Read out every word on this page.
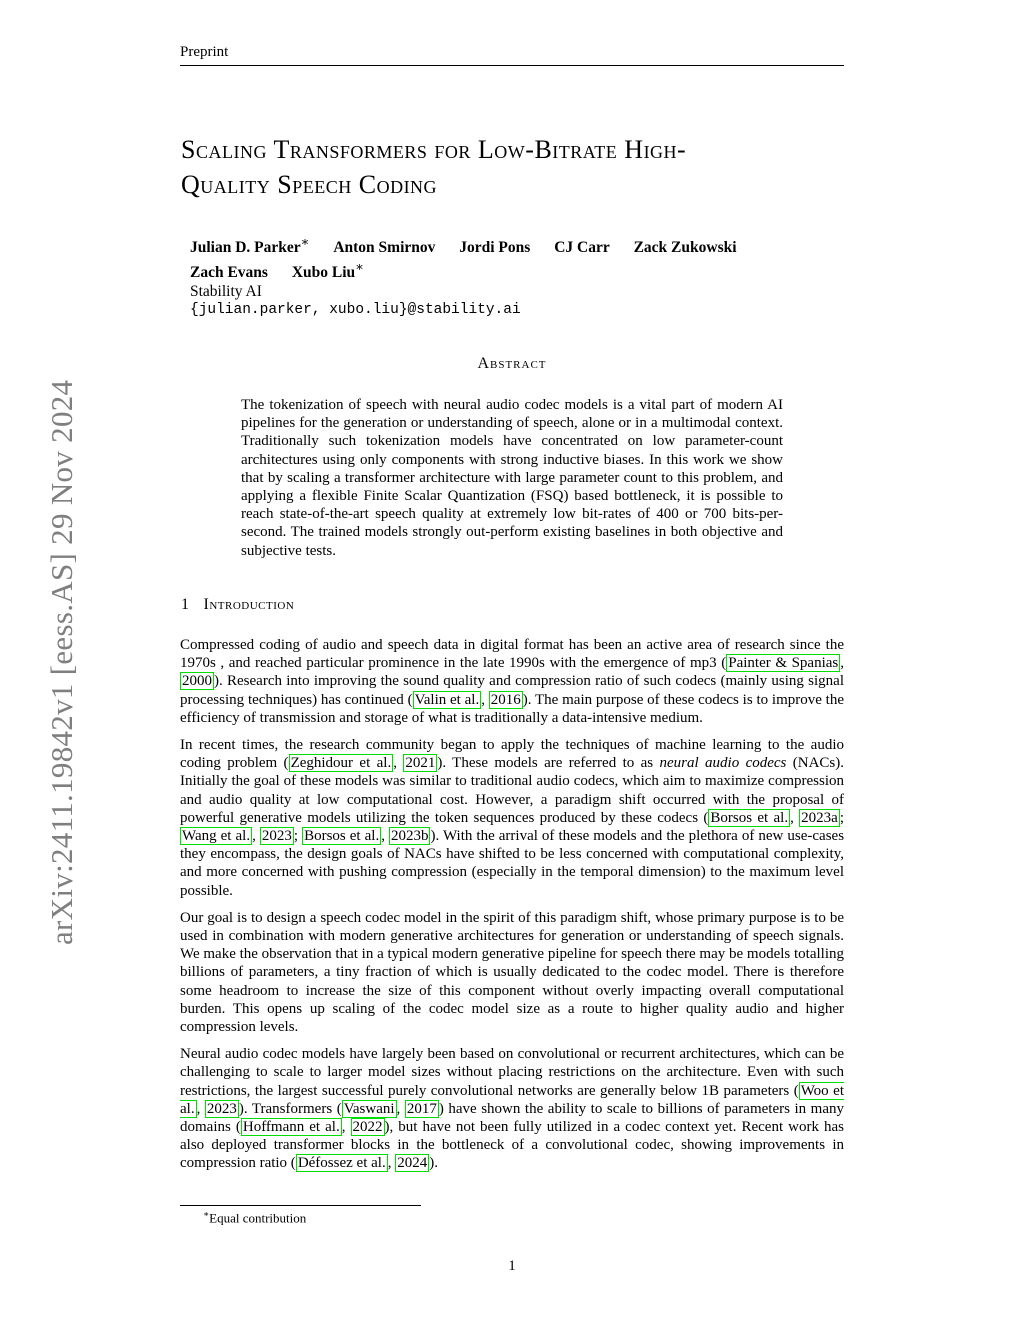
Preprint
arXiv:2411.19842v1 [eess.AS] 29 Nov 2024
Scaling Transformers for Low-Bitrate High-
Quality Speech Coding
Julian D. Parker∗ Anton Smirnov Jordi Pons CJ Carr Zack Zukowski
Zach Evans Xubo Liu∗
Stability AI
{julian.parker, xubo.liu}@stability.ai
Abstract
The tokenization of speech with neural audio codec models is a vital part of modern AI pipelines for the generation or understanding of speech, alone or in a multimodal context. Traditionally such tokenization models have concentrated on low parameter-count architectures using only components with strong inductive biases. In this work we show that by scaling a transformer architecture with large parameter count to this problem, and applying a flexible Finite Scalar Quantization (FSQ) based bottleneck, it is possible to reach state-of-the-art speech quality at extremely low bit-rates of 400 or 700 bits-per-second. The trained models strongly out-perform existing baselines in both objective and subjective tests.
1 Introduction

Compressed coding of audio and speech data in digital format has been an active area of research since the 1970s , and reached particular prominence in the late 1990s with the emergence of mp3 ( Painter & Spanias , 2000 ). Research into improving the sound quality and compression ratio of such codecs (mainly using signal processing techniques) has continued ( Valin et al. , 2016 ). The main purpose of these codecs is to improve the efficiency of transmission and storage of what is traditionally a data-intensive medium.

In recent times, the research community began to apply the techniques of machine learning to the audio coding problem ( Zeghidour et al. , 2021 ). These models are referred to as neural audio codecs (NACs). Initially the goal of these models was similar to traditional audio codecs, which aim to maximize compression and audio quality at low computational cost. However, a paradigm shift occurred with the proposal of powerful generative models utilizing the token sequences produced by these codecs ( Borsos et al. , 2023a ; Wang et al. , 2023 ; Borsos et al. , 2023b ). With the arrival of these models and the plethora of new use-cases they encompass, the design goals of NACs have shifted to be less concerned with computational complexity, and more concerned with pushing compression (especially in the temporal dimension) to the maximum level possible.

Our goal is to design a speech codec model in the spirit of this paradigm shift, whose primary purpose is to be used in combination with modern generative architectures for generation or understanding of speech signals. We make the observation that in a typical modern generative pipeline for speech there may be models totalling billions of parameters, a tiny fraction of which is usually dedicated to the codec model. There is therefore some headroom to increase the size of this component without overly impacting overall computational burden. This opens up scaling of the codec model size as a route to higher quality audio and higher compression levels.

Neural audio codec models have largely been based on convolutional or recurrent architectures, which can be challenging to scale to larger model sizes without placing restrictions on the architecture. Even with such restrictions, the largest successful purely convolutional networks are generally below 1B parameters ( Woo et al. , 2023 ). Transformers ( Vaswani , 2017 ) have shown the ability to scale to billions of parameters in many domains ( Hoffmann et al. , 2022 ), but have not been fully utilized in a codec context yet. Recent work has also deployed transformer blocks in the bottleneck of a convolutional codec, showing improvements in compression ratio ( Défossez et al. , 2024 ).

∗Equal contribution
1
